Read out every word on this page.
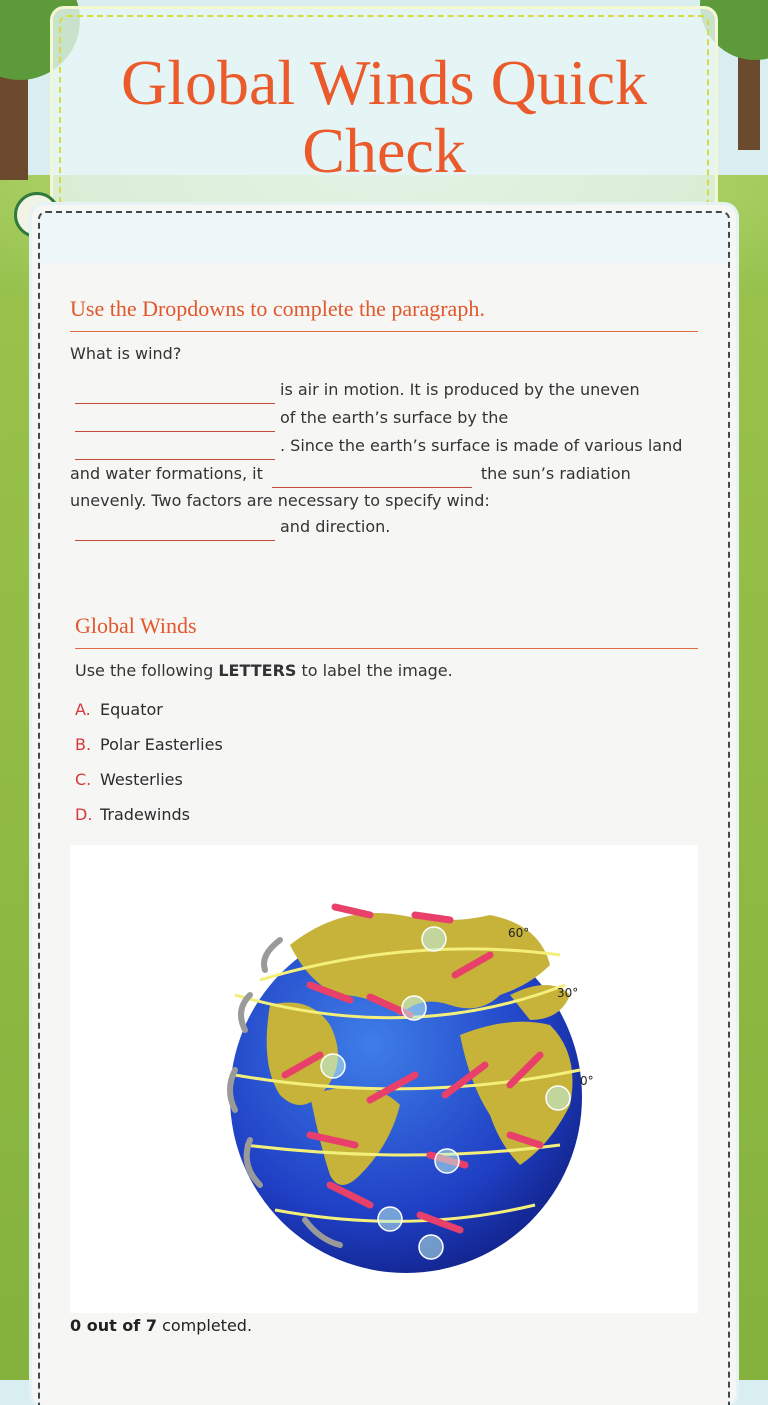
Global Winds Quick Check
Use the Dropdowns to complete the paragraph.
What is wind?
is air in motion. It is produced by the uneven
of the earth’s surface by the
. Since the earth’s surface is made of various land
and water formations, it	the sun’s radiation
unevenly. Two factors are necessary to specify wind:
and direction.
Global Winds
Use the following LETTERS to label the image.
A. Equator
B. Polar Easterlies
C. Westerlies
D. Tradewinds
60°
30°
0°
0 out of 7 completed.
